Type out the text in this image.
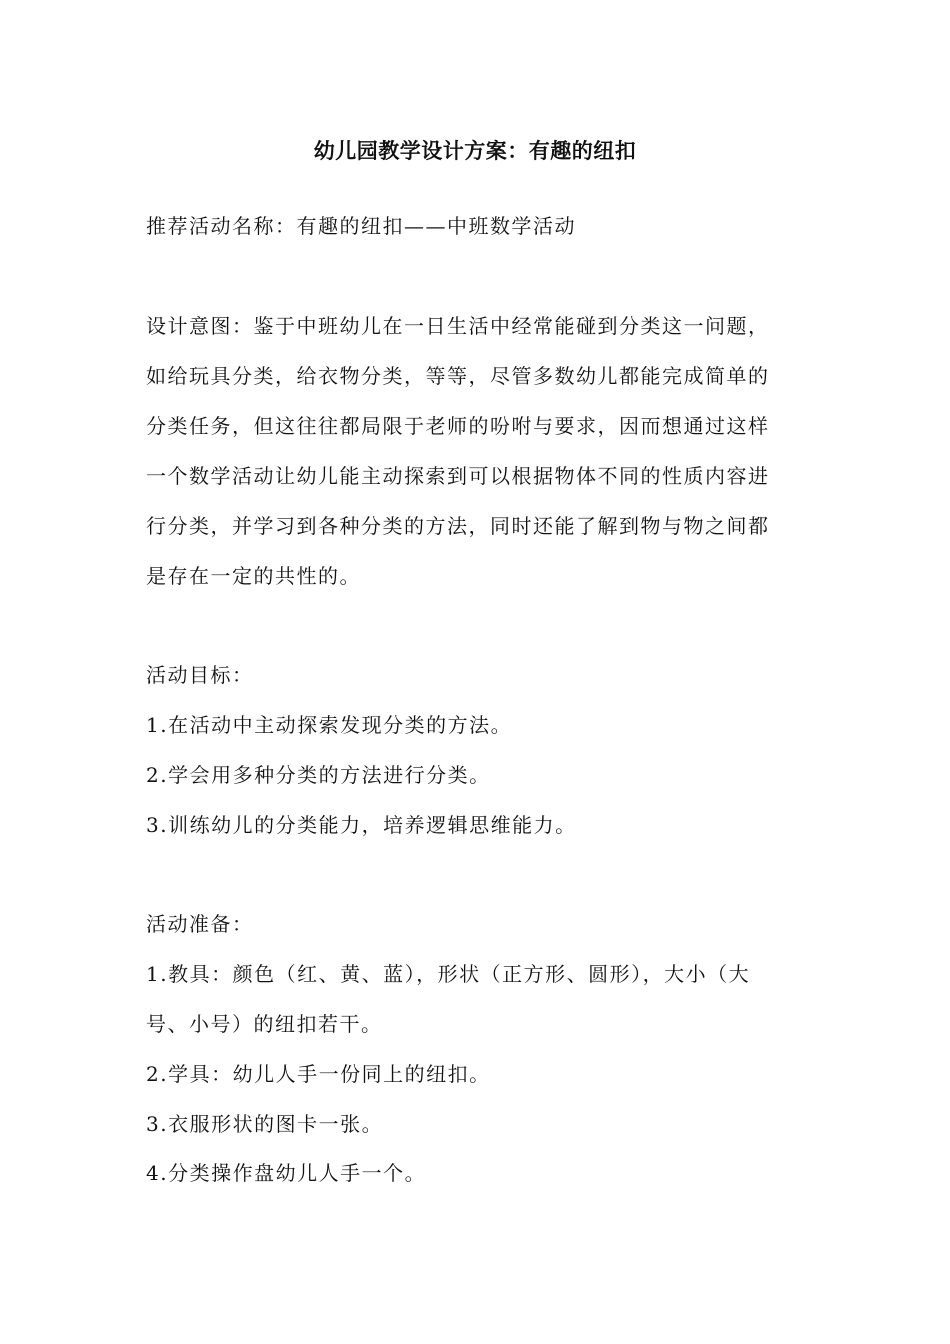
幼儿园教学设计方案：有趣的纽扣
推荐活动名称：有趣的纽扣——中班数学活动
设计意图：鉴于中班幼儿在一日生活中经常能碰到分类这一问题，
如给玩具分类，给衣物分类，等等，尽管多数幼儿都能完成简单的
分类任务，但这往往都局限于老师的吩咐与要求，因而想通过这样
一个数学活动让幼儿能主动探索到可以根据物体不同的性质内容进
行分类，并学习到各种分类的方法，同时还能了解到物与物之间都
是存在一定的共性的。
活动目标：
1.在活动中主动探索发现分类的方法。
2.学会用多种分类的方法进行分类。
3.训练幼儿的分类能力，培养逻辑思维能力。
活动准备：
1.教具：颜色（红、黄、蓝），形状（正方形、圆形），大小（大
号、小号）的纽扣若干。
2.学具：幼儿人手一份同上的纽扣。
3.衣服形状的图卡一张。
4.分类操作盘幼儿人手一个。
